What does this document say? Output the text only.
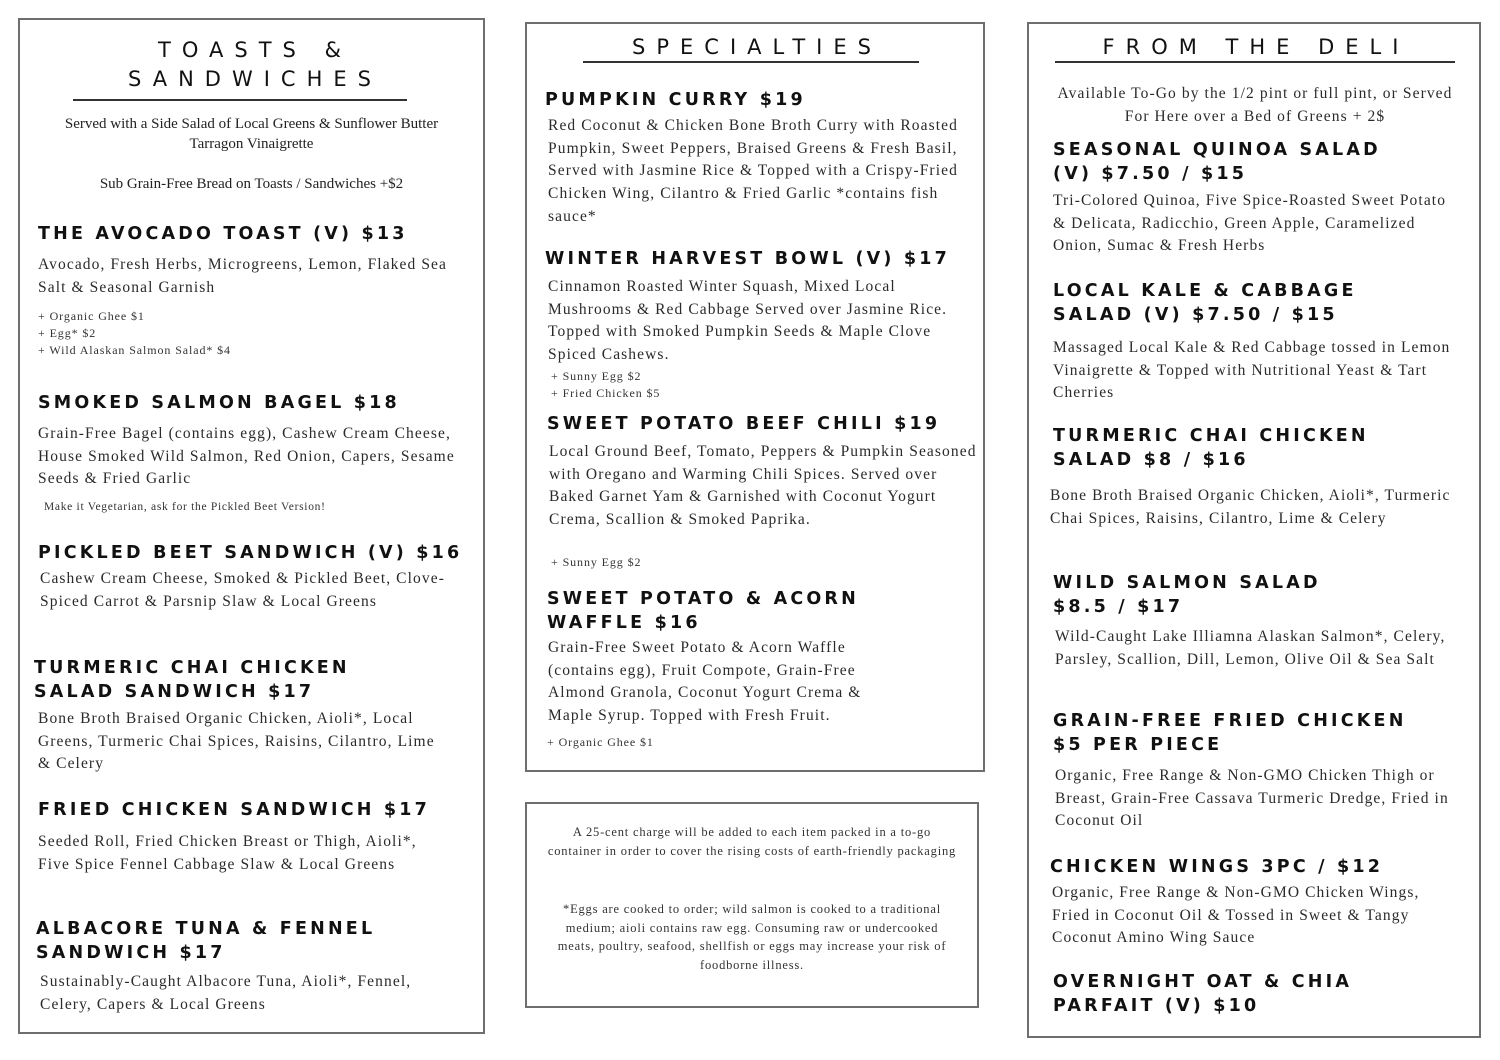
TOASTS &
SANDWICHES
Served with a Side Salad of Local Greens & Sunflower Butter Tarragon Vinaigrette
Sub Grain-Free Bread on Toasts / Sandwiches +$2
THE AVOCADO TOAST (V) $13
Avocado, Fresh Herbs, Microgreens, Lemon, Flaked Sea Salt & Seasonal Garnish
+ Organic Ghee $1
+ Egg* $2
+ Wild Alaskan Salmon Salad* $4
SMOKED SALMON BAGEL $18
Grain-Free Bagel (contains egg), Cashew Cream Cheese, House Smoked Wild Salmon, Red Onion, Capers, Sesame Seeds & Fried Garlic
Make it Vegetarian, ask for the Pickled Beet Version!
PICKLED BEET SANDWICH (V) $16
Cashew Cream Cheese, Smoked & Pickled Beet, Clove-Spiced Carrot & Parsnip Slaw & Local Greens
TURMERIC CHAI CHICKEN SALAD SANDWICH $17
Bone Broth Braised Organic Chicken, Aioli*, Local Greens, Turmeric Chai Spices, Raisins, Cilantro, Lime & Celery
FRIED CHICKEN SANDWICH $17
Seeded Roll, Fried Chicken Breast or Thigh, Aioli*, Five Spice Fennel Cabbage Slaw & Local Greens
ALBACORE TUNA & FENNEL SANDWICH $17
Sustainably-Caught Albacore Tuna, Aioli*, Fennel, Celery, Capers & Local Greens
SPECIALTIES
PUMPKIN CURRY $19
Red Coconut & Chicken Bone Broth Curry with Roasted Pumpkin, Sweet Peppers, Braised Greens & Fresh Basil, Served with Jasmine Rice & Topped with a Crispy-Fried Chicken Wing, Cilantro & Fried Garlic *contains fish sauce*
WINTER HARVEST BOWL (V) $17
Cinnamon Roasted Winter Squash, Mixed Local Mushrooms & Red Cabbage Served over Jasmine Rice. Topped with Smoked Pumpkin Seeds & Maple Clove Spiced Cashews.
+ Sunny Egg $2
+ Fried Chicken $5
SWEET POTATO BEEF CHILI $19
Local Ground Beef, Tomato, Peppers & Pumpkin Seasoned with Oregano and Warming Chili Spices. Served over Baked Garnet Yam & Garnished with Coconut Yogurt Crema, Scallion & Smoked Paprika.
+ Sunny Egg $2
SWEET POTATO & ACORN WAFFLE $16
Grain-Free Sweet Potato & Acorn Waffle (contains egg), Fruit Compote, Grain-Free Almond Granola, Coconut Yogurt Crema & Maple Syrup. Topped with Fresh Fruit.
+ Organic Ghee $1
A 25-cent charge will be added to each item packed in a to-go container in order to cover the rising costs of earth-friendly packaging
*Eggs are cooked to order; wild salmon is cooked to a traditional medium; aioli contains raw egg. Consuming raw or undercooked meats, poultry, seafood, shellfish or eggs may increase your risk of foodborne illness.
FROM THE DELI
Available To-Go by the 1/2 pint or full pint, or Served For Here over a Bed of Greens + 2$
SEASONAL QUINOA SALAD (V) $7.50 / $15
Tri-Colored Quinoa, Five Spice-Roasted Sweet Potato & Delicata, Radicchio, Green Apple, Caramelized Onion, Sumac & Fresh Herbs
LOCAL KALE & CABBAGE SALAD (V) $7.50 / $15
Massaged Local Kale & Red Cabbage tossed in Lemon Vinaigrette & Topped with Nutritional Yeast & Tart Cherries
TURMERIC CHAI CHICKEN SALAD $8 / $16
Bone Broth Braised Organic Chicken, Aioli*, Turmeric Chai Spices, Raisins, Cilantro, Lime & Celery
WILD SALMON SALAD $8.5 / $17
Wild-Caught Lake Illiamna Alaskan Salmon*, Celery, Parsley, Scallion, Dill, Lemon, Olive Oil & Sea Salt
GRAIN-FREE FRIED CHICKEN $5 PER PIECE
Organic, Free Range & Non-GMO Chicken Thigh or Breast, Grain-Free Cassava Turmeric Dredge, Fried in Coconut Oil
CHICKEN WINGS 3PC / $12
Organic, Free Range & Non-GMO Chicken Wings, Fried in Coconut Oil & Tossed in Sweet & Tangy Coconut Amino Wing Sauce
OVERNIGHT OAT & CHIA PARFAIT (V) $10
